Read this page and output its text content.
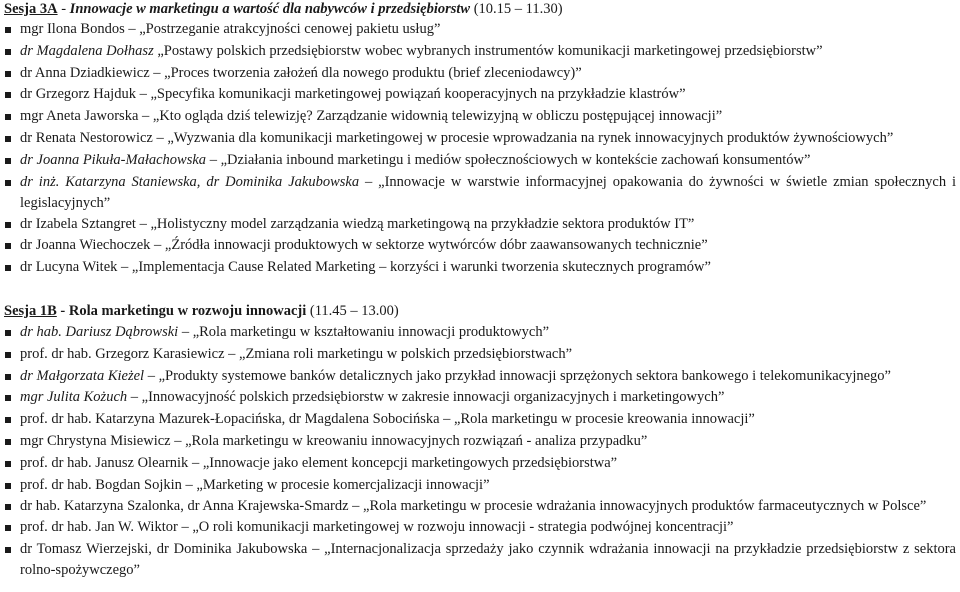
Sesja 3A - Innowacje w marketingu a wartość dla nabywców i przedsiębiorstw (10.15 – 11.30)
mgr Ilona Bondos – „Postrzeganie atrakcyjności cenowej pakietu usług”
dr Magdalena Dołhasz „Postawy polskich przedsiębiorstw wobec wybranych instrumentów komunikacji marketingowej przedsiębiorstw”
dr Anna Dziadkiewicz – „Proces tworzenia założeń dla nowego produktu (brief zleceniodawcy)”
dr Grzegorz Hajduk – „Specyfika komunikacji marketingowej powiązań kooperacyjnych na przykładzie klastrów”
mgr Aneta Jaworska – „Kto ogląda dziś telewizję? Zarządzanie widownią telewizyjną w obliczu postępującej innowacji”
dr Renata Nestorowicz – „Wyzwania dla komunikacji marketingowej w procesie wprowadzania na rynek innowacyjnych produktów żywnościowych”
dr Joanna Pikuła-Małachowska – „Działania inbound marketingu i mediów społecznościowych w kontekście zachowań konsumentów”
dr inż. Katarzyna Staniewska, dr Dominika Jakubowska – „Innowacje w warstwie informacyjnej opakowania do żywności w świetle zmian społecznych i legislacyjnych”
dr Izabela Sztangret – „Holistyczny model zarządzania wiedzą marketingową na przykładzie sektora produktów IT”
dr Joanna Wiechoczek – „Źródła innowacji produktowych w sektorze wytwórców dóbr zaawansowanych technicznie”
dr Lucyna Witek – „Implementacja Cause Related Marketing – korzyści i warunki tworzenia skutecznych programów”
Sesja 1B - Rola marketingu w rozwoju innowacji (11.45 – 13.00)
dr hab. Dariusz Dąbrowski – „Rola marketingu w kształtowaniu innowacji produktowych”
prof. dr hab. Grzegorz Karasiewicz – „Zmiana roli marketingu w polskich przedsiębiorstwach”
dr Małgorzata Kieżel – „Produkty systemowe banków detalicznych jako przykład innowacji sprzężonych sektora bankowego i telekomunikacyjnego”
mgr Julita Kożuch – „Innowacyjność polskich przedsiębiorstw w zakresie innowacji organizacyjnych i marketingowych”
prof. dr hab. Katarzyna Mazurek-Łopacińska, dr Magdalena Sobocińska – „Rola marketingu w procesie kreowania innowacji”
mgr Chrystyna Misiewicz – „Rola marketingu w kreowaniu innowacyjnych rozwiązań - analiza przypadku”
prof. dr hab. Janusz Olearnik – „Innowacje jako element koncepcji marketingowych przedsiębiorstwa”
prof. dr hab. Bogdan Sojkin – „Marketing w procesie komercjalizacji innowacji”
dr hab. Katarzyna Szalonka, dr Anna Krajewska-Smardz – „Rola marketingu w procesie wdrażania innowacyjnych produktów farmaceutycznych w Polsce”
prof. dr hab. Jan W. Wiktor – „O roli komunikacji marketingowej w rozwoju innowacji - strategia podwójnej koncentracji”
dr Tomasz Wierzejski, dr Dominika Jakubowska – „Internacjonalizacja sprzedaży jako czynnik wdrażania innowacji na przykładzie przedsiębiorstw z sektora rolno-spożywczego”
